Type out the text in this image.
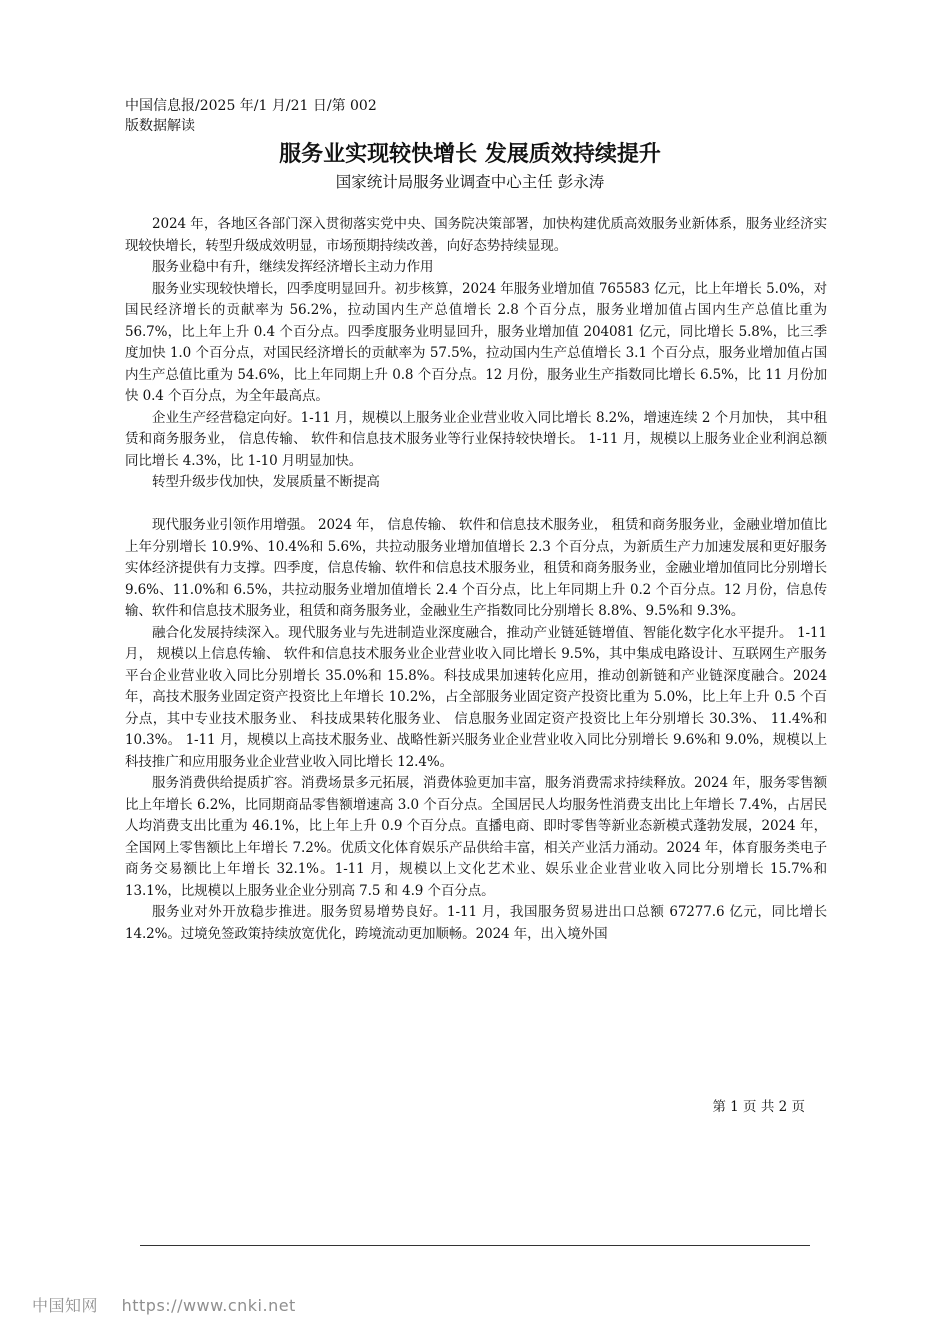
中国信息报/2025 年/1 月/21 日/第 002
版数据解读
服务业实现较快增长 发展质效持续提升
国家统计局服务业调查中心主任 彭永涛

2024 年，各地区各部门深入贯彻落实党中央、国务院决策部署，加快构建优质高效服务业新体系，服务业经济实现较快增长，转型升级成效明显，市场预期持续改善，向好态势持续显现。

服务业稳中有升，继续发挥经济增长主动力作用

服务业实现较快增长，四季度明显回升。初步核算，2024 年服务业增加值 765583 亿元，比上年增长 5.0%，对国民经济增长的贡献率为 56.2%，拉动国内生产总值增长 2.8 个百分点，服务业增加值占国内生产总值比重为 56.7%，比上年上升 0.4 个百分点。四季度服务业明显回升，服务业增加值 204081 亿元，同比增长 5.8%，比三季度加快 1.0 个百分点，对国民经济增长的贡献率为 57.5%，拉动国内生产总值增长 3.1 个百分点，服务业增加值占国内生产总值比重为 54.6%，比上年同期上升 0.8 个百分点。12 月份，服务业生产指数同比增长 6.5%，比 11 月份加快 0.4 个百分点，为全年最高点。

企业生产经营稳定向好。1-11 月，规模以上服务业企业营业收入同比增长 8.2%，增速连续 2 个月加快， 其中租赁和商务服务业， 信息传输、 软件和信息技术服务业等行业保持较快增长。 1-11 月，规模以上服务业企业利润总额同比增长 4.3%，比 1-10 月明显加快。

转型升级步伐加快，发展质量不断提高

现代服务业引领作用增强。 2024 年， 信息传输、 软件和信息技术服务业， 租赁和商务服务业，金融业增加值比上年分别增长 10.9%、10.4%和 5.6%，共拉动服务业增加值增长 2.3 个百分点，为新质生产力加速发展和更好服务实体经济提供有力支撑。四季度，信息传输、软件和信息技术服务业，租赁和商务服务业，金融业增加值同比分别增长 9.6%、11.0%和 6.5%，共拉动服务业增加值增长 2.4 个百分点，比上年同期上升 0.2 个百分点。12 月份，信息传输、软件和信息技术服务业，租赁和商务服务业，金融业生产指数同比分别增长 8.8%、9.5%和 9.3%。

融合化发展持续深入。现代服务业与先进制造业深度融合，推动产业链延链增值、智能化数字化水平提升。 1-11 月， 规模以上信息传输、 软件和信息技术服务业企业营业收入同比增长 9.5%，其中集成电路设计、互联网生产服务平台企业营业收入同比分别增长 35.0%和 15.8%。科技成果加速转化应用，推动创新链和产业链深度融合。2024 年，高技术服务业固定资产投资比上年增长 10.2%，占全部服务业固定资产投资比重为 5.0%，比上年上升 0.5 个百分点，其中专业技术服务业、 科技成果转化服务业、 信息服务业固定资产投资比上年分别增长 30.3%、 11.4%和 10.3%。 1-11 月，规模以上高技术服务业、战略性新兴服务业企业营业收入同比分别增长 9.6%和 9.0%，规模以上科技推广和应用服务业企业营业收入同比增长 12.4%。

服务消费供给提质扩容。消费场景多元拓展，消费体验更加丰富，服务消费需求持续释放。2024 年，服务零售额比上年增长 6.2%，比同期商品零售额增速高 3.0 个百分点。全国居民人均服务性消费支出比上年增长 7.4%，占居民人均消费支出比重为 46.1%，比上年上升 0.9 个百分点。直播电商、即时零售等新业态新模式蓬勃发展，2024 年，全国网上零售额比上年增长 7.2%。优质文化体育娱乐产品供给丰富，相关产业活力涌动。2024 年，体育服务类电子商务交易额比上年增长 32.1%。1-11 月，规模以上文化艺术业、娱乐业企业营业收入同比分别增长 15.7%和 13.1%，比规模以上服务业企业分别高 7.5 和 4.9 个百分点。

服务业对外开放稳步推进。服务贸易增势良好。1-11 月，我国服务贸易进出口总额 67277.6 亿元，同比增长 14.2%。过境免签政策持续放宽优化，跨境流动更加顺畅。2024 年，出入境外国

第 1 页 共 2 页
中国知网 https://www.cnki.net
